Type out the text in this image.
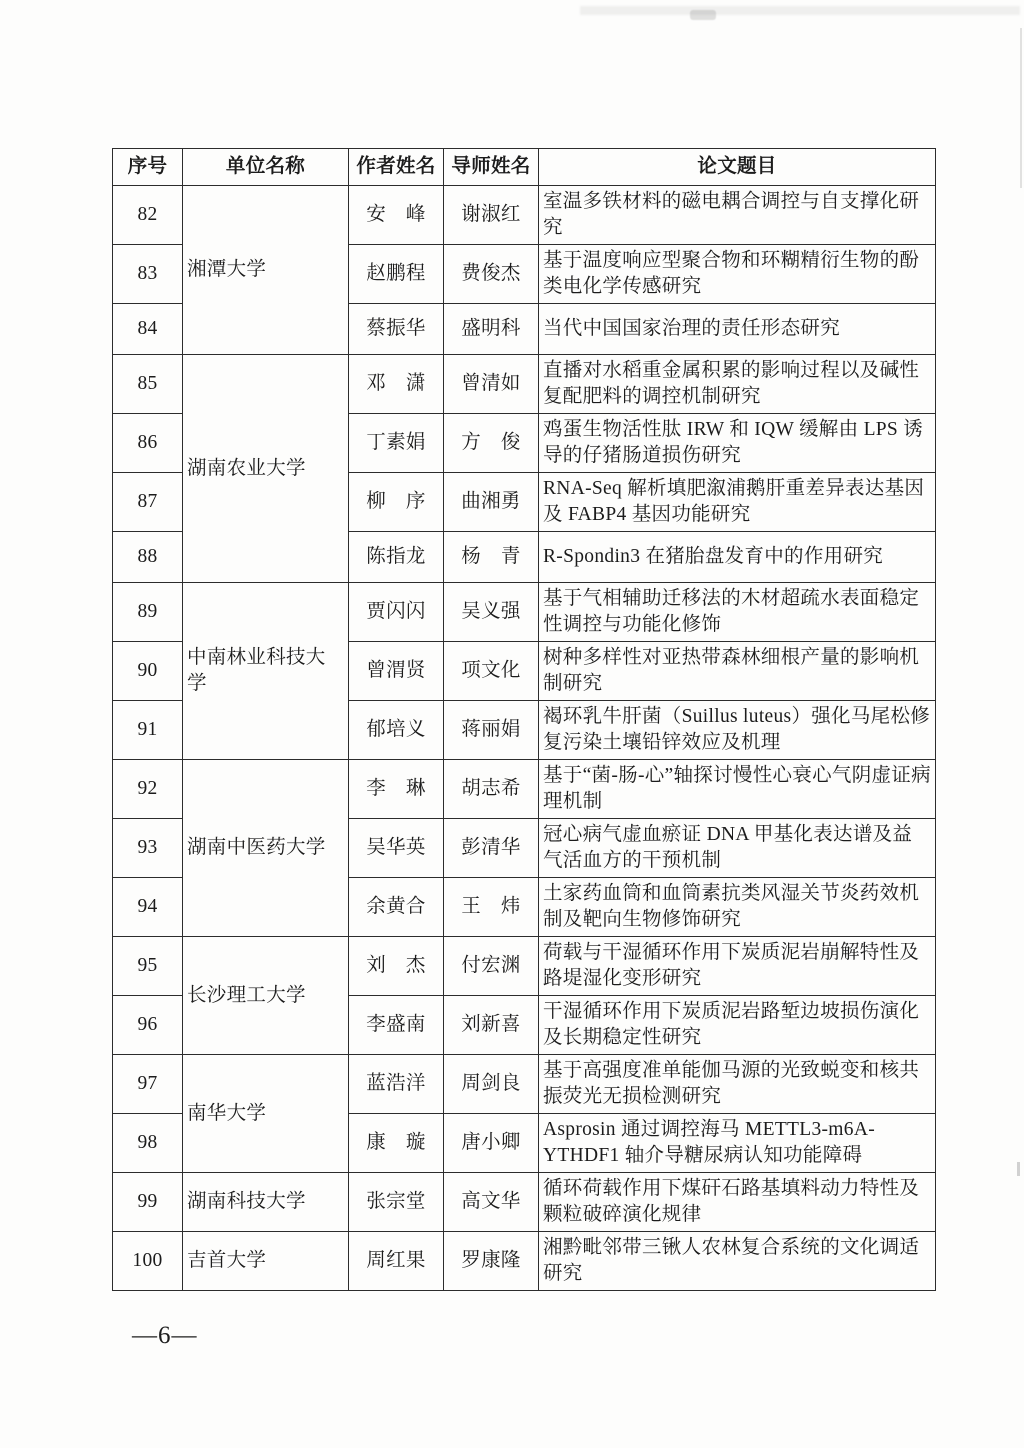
序号	单位名称	作者姓名	导师姓名	论文题目
82	湘潭大学	安　峰	谢淑红	室温多铁材料的磁电耦合调控与自支撑化研究
83		赵鹏程	费俊杰	基于温度响应型聚合物和环糊精衍生物的酚类电化学传感研究
84		蔡振华	盛明科	当代中国国家治理的责任形态研究
85	湖南农业大学	邓　潇	曾清如	直播对水稻重金属积累的影响过程以及碱性复配肥料的调控机制研究
86		丁素娟	方　俊	鸡蛋生物活性肽 IRW 和 IQW 缓解由 LPS 诱导的仔猪肠道损伤研究
87		柳　序	曲湘勇	RNA-Seq 解析填肥溆浦鹅肝重差异表达基因及 FABP4 基因功能研究
88		陈指龙	杨　青	R-Spondin3 在猪胎盘发育中的作用研究
89	中南林业科技大学	贾闪闪	吴义强	基于气相辅助迁移法的木材超疏水表面稳定性调控与功能化修饰
90		曾渭贤	项文化	树种多样性对亚热带森林细根产量的影响机制研究
91		郁培义	蒋丽娟	褐环乳牛肝菌（Suillus luteus）强化马尾松修复污染土壤铅锌效应及机理
92	湖南中医药大学	李　琳	胡志希	基于“菌-肠-心”轴探讨慢性心衰心气阴虚证病理机制
93		吴华英	彭清华	冠心病气虚血瘀证 DNA 甲基化表达谱及益气活血方的干预机制
94		余黄合	王　炜	土家药血筒和血筒素抗类风湿关节炎药效机制及靶向生物修饰研究
95	长沙理工大学	刘　杰	付宏渊	荷载与干湿循环作用下炭质泥岩崩解特性及路堤湿化变形研究
96		李盛南	刘新喜	干湿循环作用下炭质泥岩路堑边坡损伤演化及长期稳定性研究
97	南华大学	蓝浩洋	周剑良	基于高强度准单能伽马源的光致蜕变和核共振荧光无损检测研究
98		康　璇	唐小卿	Asprosin 通过调控海马 METTL3-m6A-YTHDF1 轴介导糖尿病认知功能障碍
99	湖南科技大学	张宗堂	高文华	循环荷载作用下煤矸石路基填料动力特性及颗粒破碎演化规律
100	吉首大学	周红果	罗康隆	湘黔毗邻带三锹人农林复合系统的文化调适研究
—6—
